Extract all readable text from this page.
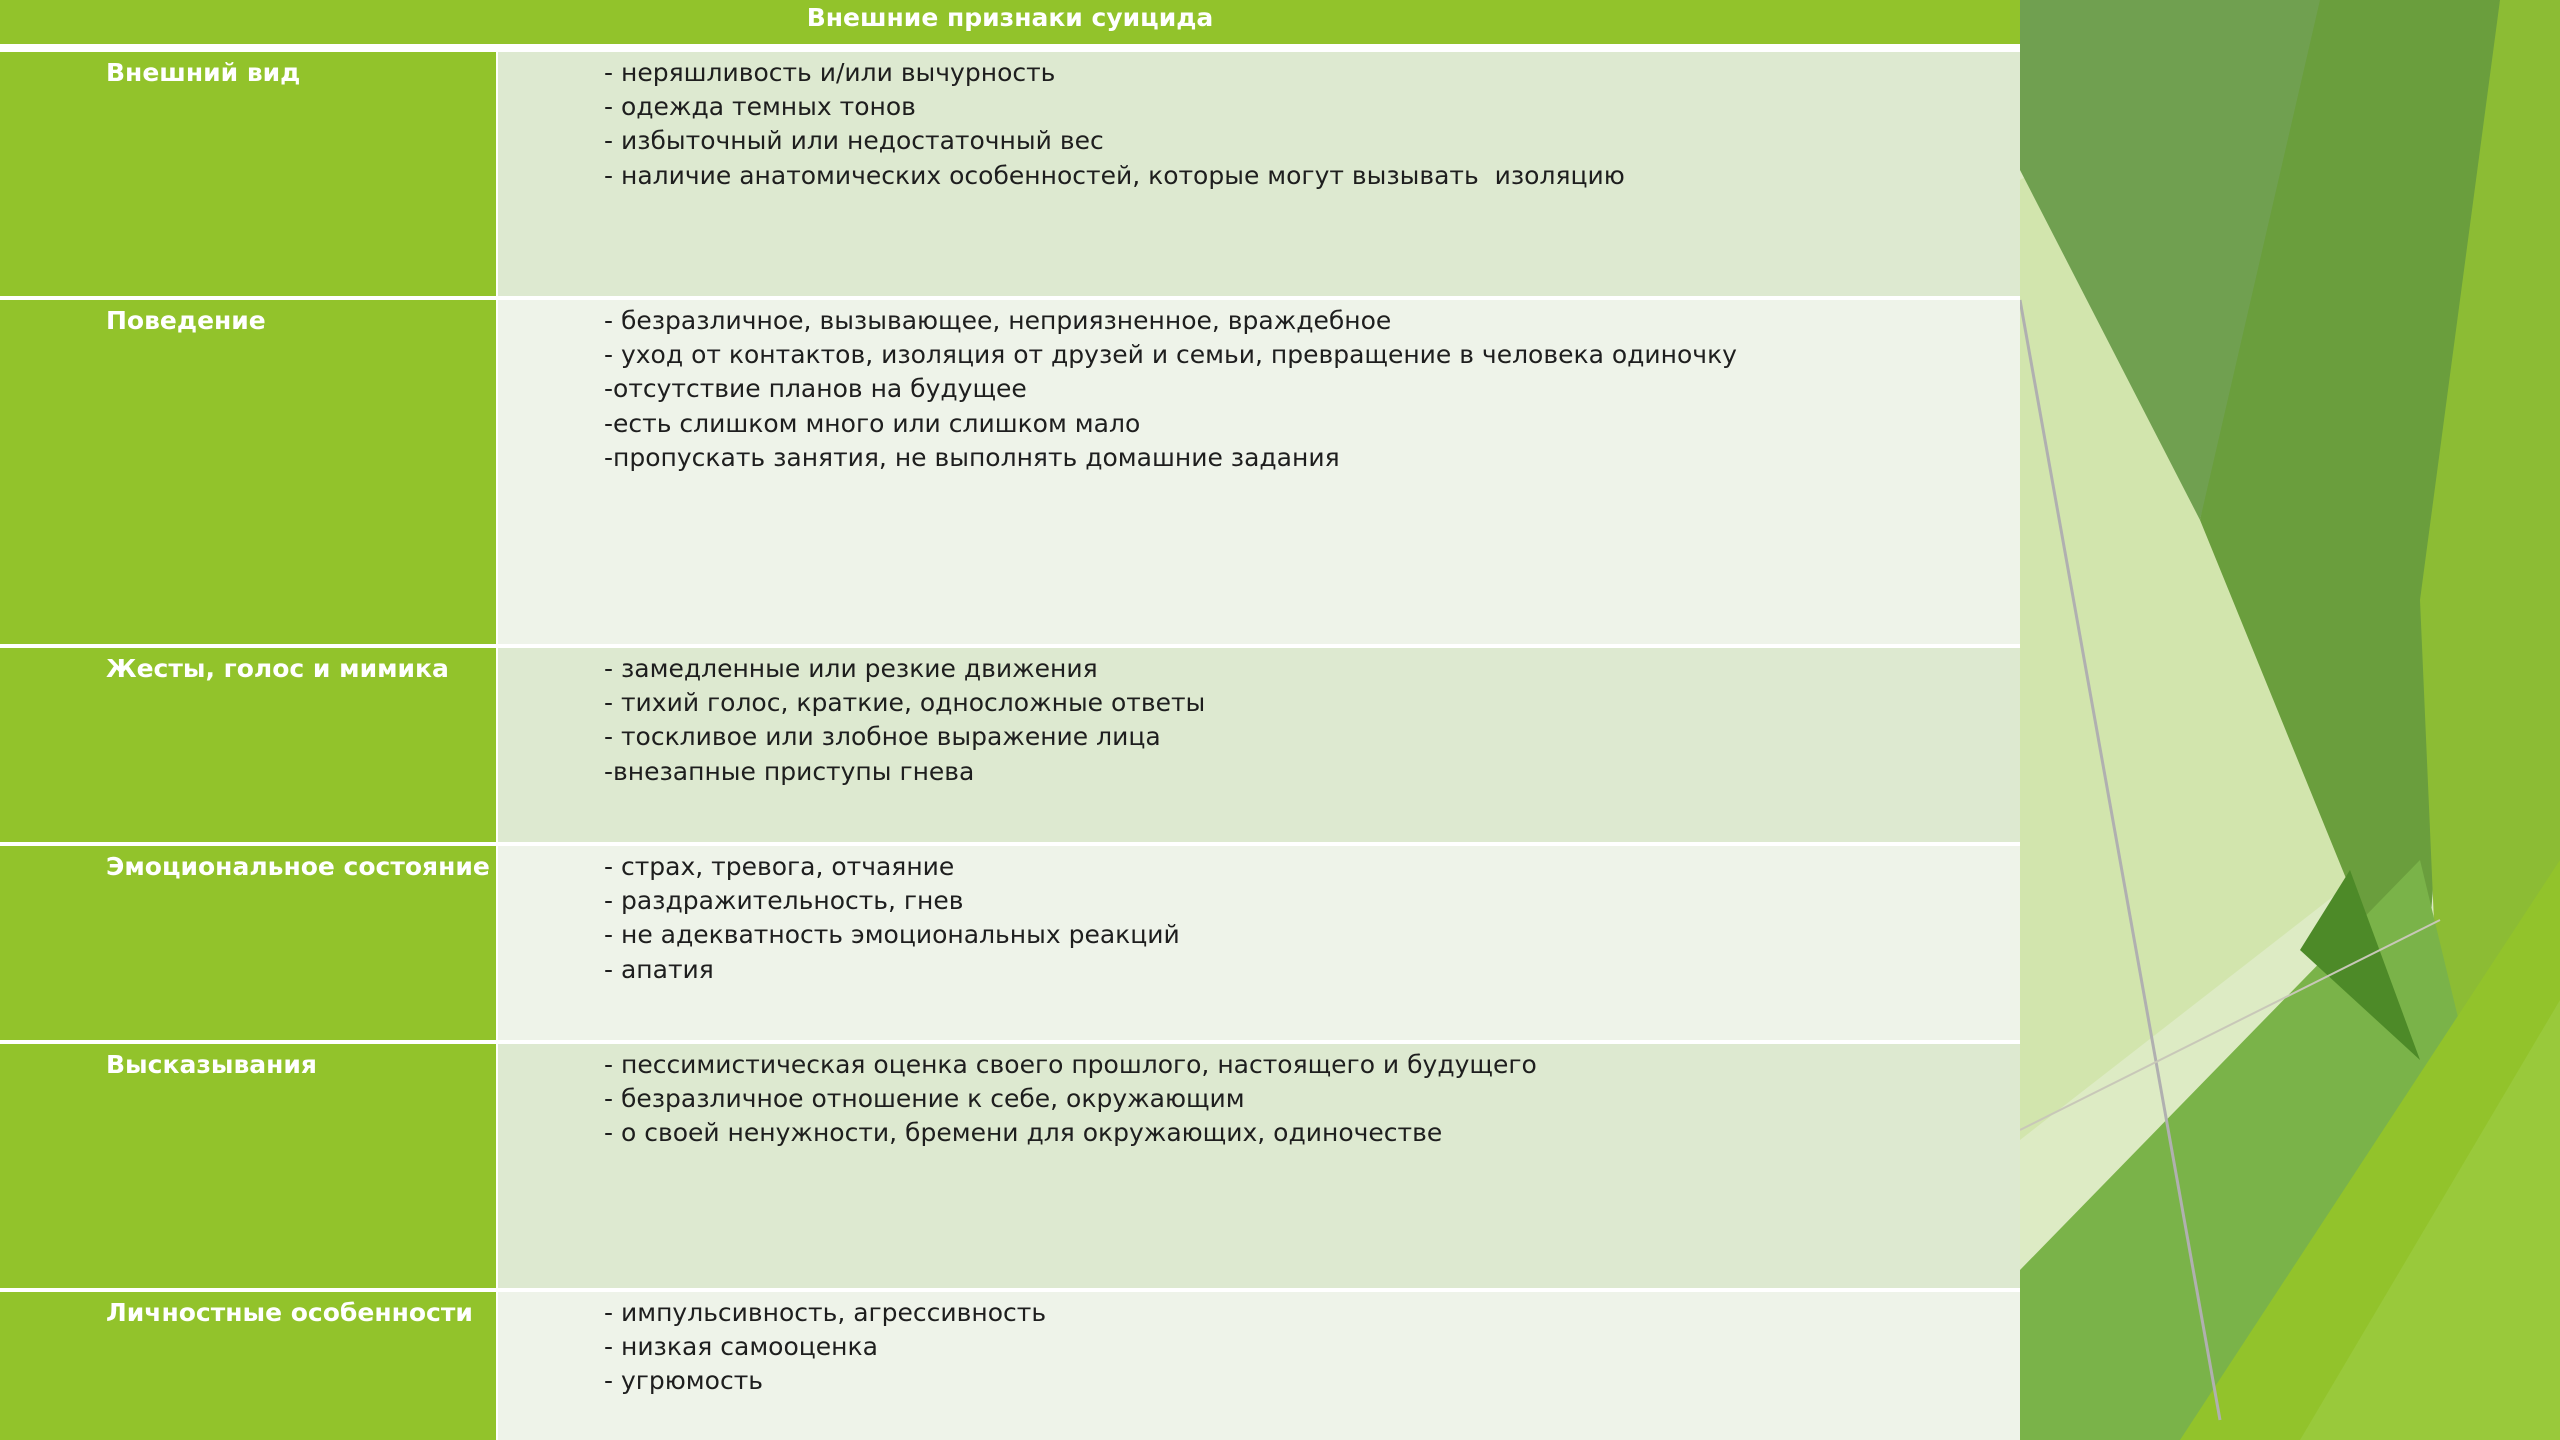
Внешние признаки суицида
Внешний вид	- неряшливость и/или вычурность
- одежда темных тонов
- избыточный или недостаточный вес
- наличие анатомических особенностей, которые могут вызывать  изоляцию
Поведение	- безразличное, вызывающее, неприязненное, враждебное
- уход от контактов, изоляция от друзей и семьи, превращение в человека одиночку
-отсутствие планов на будущее
-есть слишком много или слишком мало
-пропускать занятия, не выполнять домашние задания
Жесты, голос и мимика	- замедленные или резкие движения
- тихий голос, краткие, односложные ответы
- тоскливое или злобное выражение лица
-внезапные приступы гнева
Эмоциональное состояние	- страх, тревога, отчаяние
- раздражительность, гнев
- не адекватность эмоциональных реакций
- апатия
Высказывания	- пессимистическая оценка своего прошлого, настоящего и будущего
- безразличное отношение к себе, окружающим
- о своей ненужности, бремени для окружающих, одиночестве
Личностные особенности	- импульсивность, агрессивность
- низкая самооценка
- угрюмость
